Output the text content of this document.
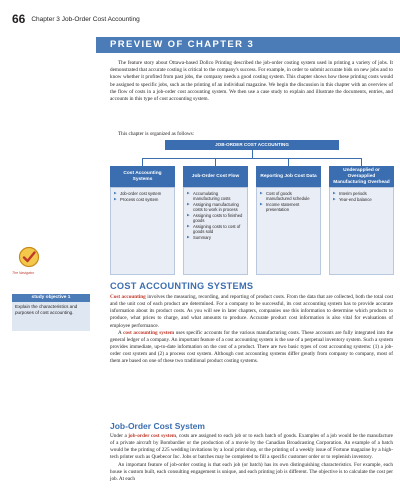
66 Chapter 3 Job-Order Cost Accounting
PREVIEW OF CHAPTER 3
The feature story about Ottawa-based Dollco Printing described the job-order costing system used in printing a variety of jobs. It demonstrated that accurate costing is critical to the company's success. For example, in order to submit accurate bids on new jobs and to know whether it profited from past jobs, the company needs a good costing system. This chapter shows how these printing costs would be assigned to specific jobs, such as the printing of an individual magazine. We begin the discussion in this chapter with an overview of the flow of costs in a job-order cost accounting system. We then use a case study to explain and illustrate the documents, entries, and accounts in this type of cost accounting system.
This chapter is organized as follows:
JOB-ORDER COST ACCOUNTING
Cost Accounting Systems
▶ Job-order cost system
▶ Process cost system
Job-Order Cost Flow
▶ Accumulating manufacturing costs
▶ Assigning manufacturing costs to work in process
▶ Assigning costs to finished goods
▶ Assigning costs to cost of goods sold
▶ Summary
Reporting Job Cost Data
▶ Cost of goods manufactured schedule
▶ Income statement presentation
Underapplied or Overapplied Manufacturing Overhead
▶ Interim periods
▶ Year-end balance
The Navigator
COST ACCOUNTING SYSTEMS
study objective 1
Explain the characteristics and purposes of cost accounting.

Cost accounting involves the measuring, recording, and reporting of product costs. From the data that are collected, both the total cost and the unit cost of each product are determined. For a company to be successful, its cost accounting system has to provide accurate information about its product costs. As you will see in later chapters, companies use this information to determine which products to produce, what prices to charge, and what amounts to produce. Accurate product cost information is also vital for evaluations of employee performance.

A cost accounting system uses specific accounts for the various manufacturing costs. These accounts are fully integrated into the general ledger of a company. An important feature of a cost accounting system is the use of a perpetual inventory system. Such a system provides immediate, up-to-date information on the cost of a product. There are two basic types of cost accounting systems: (1) a job-order cost system and (2) a process cost system. Although cost accounting systems differ greatly from company to company, most of them are based on one of these two traditional product costing systems.

Job-Order Cost System

Under a job-order cost system, costs are assigned to each job or to each batch of goods. Examples of a job would be the manufacture of a private aircraft by Bombardier or the production of a movie by the Canadian Broadcasting Corporation. An example of a batch would be the printing of 225 wedding invitations by a local print shop, or the printing of a weekly issue of Fortune magazine by a high-tech printer such as Quebecor Inc. Jobs or batches may be completed to fill a specific customer order or to replenish inventory.

An important feature of job-order costing is that each job (or batch) has its own distinguishing characteristics. For example, each house is custom built, each consulting engagement is unique, and each printing job is different. The objective is to calculate the cost per job. At each
